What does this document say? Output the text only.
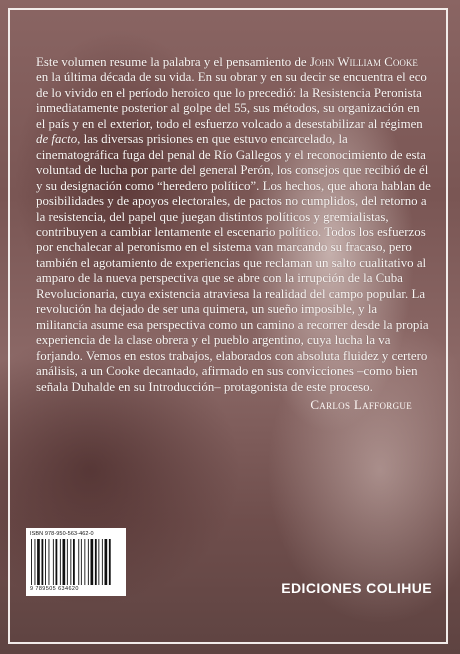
Este volumen resume la palabra y el pensamiento de John William Cooke en la última década de su vida. En su obrar y en su decir se encuentra el eco de lo vivido en el período heroico que lo precedió: la Resistencia Peronista inmediatamente posterior al golpe del 55, sus métodos, su organización en el país y en el exterior, todo el esfuerzo volcado a desestabilizar al régimen de facto, las diversas prisiones en que estuvo encarcelado, la cinematográfica fuga del penal de Río Gallegos y el reconocimiento de esta voluntad de lucha por parte del general Perón, los consejos que recibió de él y su designación como “heredero político”. Los hechos, que ahora hablan de posibilidades y de apoyos electorales, de pactos no cumplidos, del retorno a la resistencia, del papel que juegan distintos políticos y gremialistas, contribuyen a cambiar lentamente el escenario político. Todos los esfuerzos por enchalecar al peronismo en el sistema van marcando su fracaso, pero también el agotamiento de experiencias que reclaman un salto cualitativo al amparo de la nueva perspectiva que se abre con la irrupción de la Cuba Revolucionaria, cuya existencia atraviesa la realidad del campo popular. La revolución ha dejado de ser una quimera, un sueño imposible, y la militancia asume esa perspectiva como un camino a recorrer desde la propia experiencia de la clase obrera y el pueblo argentino, cuya lucha la va forjando. Vemos en estos trabajos, elaborados con absoluta fluidez y certero análisis, a un Cooke decantado, afirmado en sus convicciones –como bien señala Duhalde en su Introducción– protagonista de este proceso.

Carlos Lafforgue

ISBN 978-950-563-462-0
9 789505 634620	EDICIONES COLIHUE
